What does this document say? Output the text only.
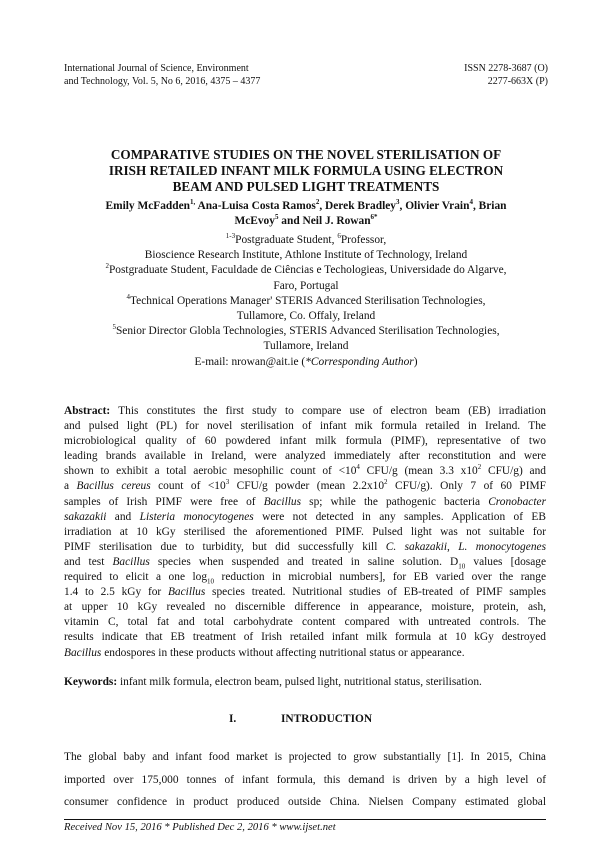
International Journal of Science, Environment
and Technology, Vol. 5, No 6, 2016, 4375 – 4377
ISSN 2278-3687 (O)
2277-663X (P)
COMPARATIVE STUDIES ON THE NOVEL STERILISATION OF
IRISH RETAILED INFANT MILK FORMULA USING ELECTRON
BEAM AND PULSED LIGHT TREATMENTS
Emily McFadden$^{1,}$ Ana-Luisa Costa Ramos$^2$, Derek Bradley$^3$, Olivier Vrain$^4$, Brian
McEvoy$^5$ and Neil J. Rowan$^{6*}$
$^{1-3}$Postgraduate Student, $^6$Professor,
Bioscience Research Institute, Athlone Institute of Technology, Ireland
$^2$Postgraduate Student, Faculdade de Ciências e Techologieas, Universidade do Algarve,
Faro, Portugal
$^4$Technical Operations Manager' STERIS Advanced Sterilisation Technologies,
Tullamore, Co. Offaly, Ireland
$^5$Senior Director Globla Technologies, STERIS Advanced Sterilisation Technologies,
Tullamore, Ireland
E-mail: nrowan@ait.ie (*Corresponding Author)
Abstract: This constitutes the first study to compare use of electron beam (EB) irradiation
and pulsed light (PL) for novel sterilisation of infant mik formula retailed in Ireland. The
microbiological quality of 60 powdered infant milk formula (PIMF), representative of two
leading brands available in Ireland, were analyzed immediately after reconstitution and were
shown to exhibit a total aerobic mesophilic count of $<10^4$ CFU/g (mean 3.3 $x10^2$ CFU/g) and
a Bacillus cereus count of $<10^3$ CFU/g powder (mean $2.2x10^2$ CFU/g). Only 7 of 60 PIMF
samples of Irish PIMF were free of Bacillus sp; while the pathogenic bacteria Cronobacter
sakazakii and Listeria monocytogenes were not detected in any samples. Application of EB
irradiation at 10 kGy sterilised the aforementioned PIMF. Pulsed light was not suitable for
PIMF sterilisation due to turbidity, but did successfully kill C. sakazakii, L. monocytogenes
and test Bacillus species when suspended and treated in saline solution. $D_{10}$ values [dosage
required to elicit a one $\log_{10}$ reduction in microbial numbers], for EB varied over the range
1.4 to 2.5 kGy for Bacillus species treated. Nutritional studies of EB-treated of PIMF samples
at upper 10 kGy revealed no discernible difference in appearance, moisture, protein, ash,
vitamin C, total fat and total carbohydrate content compared with untreated controls. The
results indicate that EB treatment of Irish retailed infant milk formula at 10 kGy destroyed
Bacillus endospores in these products without affecting nutritional status or appearance.
Keywords: infant milk formula, electron beam, pulsed light, nutritional status, sterilisation.
I.	INTRODUCTION
The global baby and infant food market is projected to grow substantially [1]. In 2015, China
imported over 175,000 tonnes of infant formula, this demand is driven by a high level of
consumer confidence in product produced outside China. Nielsen Company estimated global
Received Nov 15, 2016 * Published Dec 2, 2016 * www.ijset.net
